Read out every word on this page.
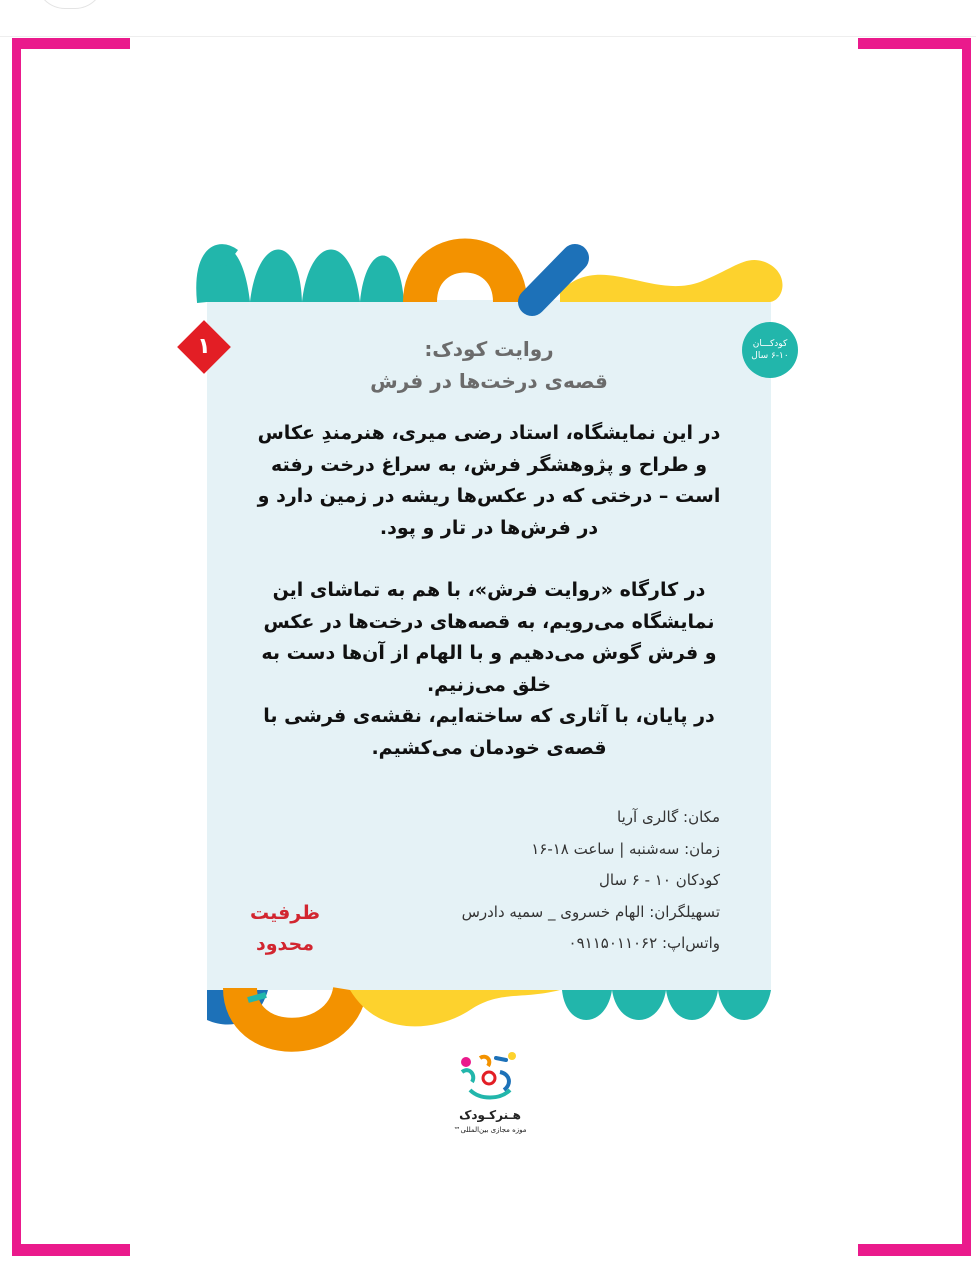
۱	کودکـــان
۶-۱۰ سال
روایت کودک:
قصه‌ی درخت‌ها در فرش

در این نمایشگاه، استاد رضی میری، هنرمندِ عکاس

و طراح و پژوهشگر فرش، به سراغ درخت رفته

است – درختی که در عکس‌ها ریشه در زمین دارد و

در فرش‌ها در تار و پود.

در کارگاه «روایت فرش»، با هم به تماشای این

نمایشگاه می‌رویم، به قصه‌های درخت‌ها در عکس

و فرش گوش می‌دهیم و با الهام از آن‌ها دست به

خلق می‌زنیم.

در پایان، با آثاری که ساخته‌ایم، نقشه‌ی فرشی با

قصه‌ی خودمان می‌کشیم.

مکان: گالری آریا
زمان: سه‌شنبه | ساعت ۱۸-۱۶
کودکان ۱۰ - ۶ سال
تسهیلگران: الهام خسروی _ سمیه دادرس
واتس‌اپ: ۰۹۱۱۵۰۱۱۰۶۲
ظرفیت
محدود
هـنرکـودک
موزه مجازی بین‌المللی™
